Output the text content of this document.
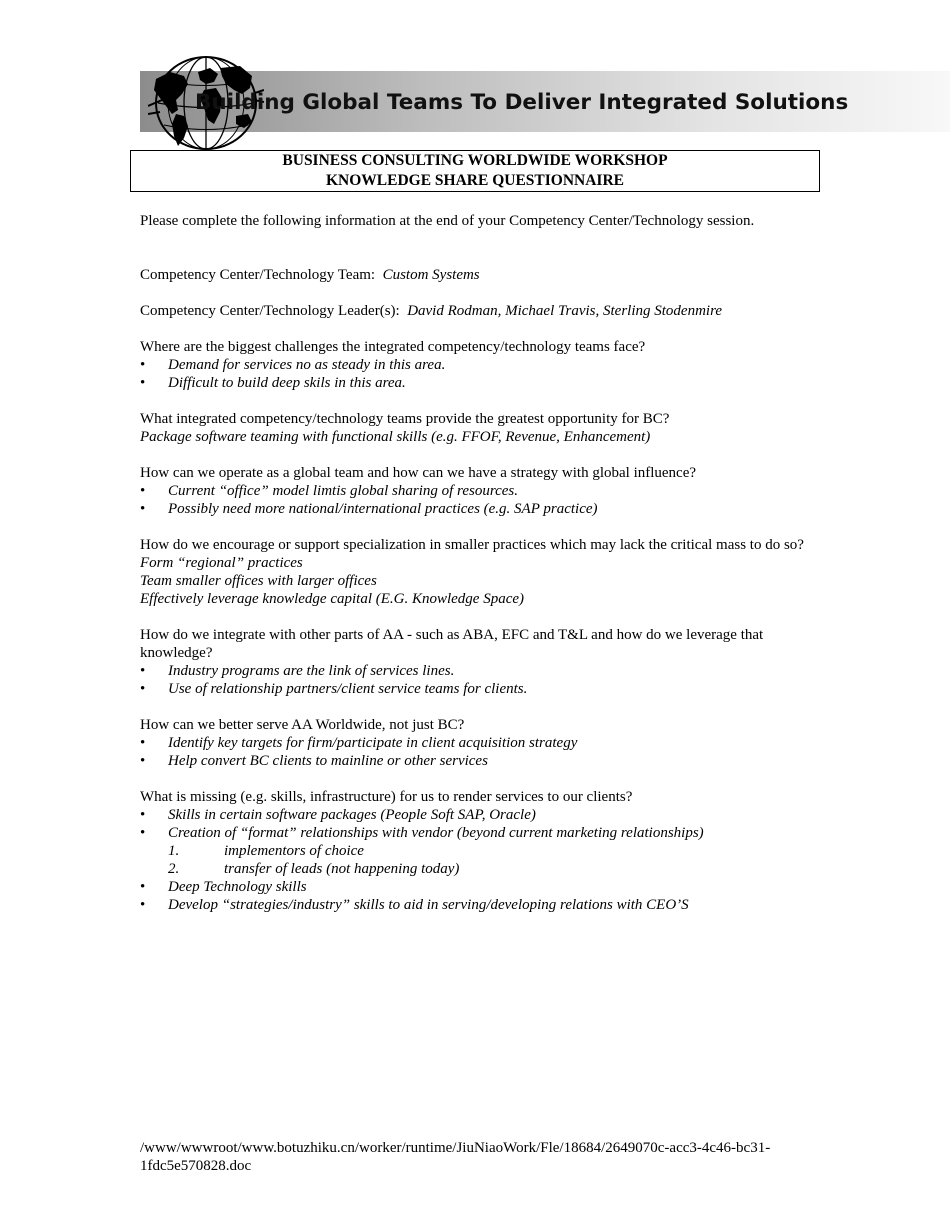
Building Global Teams To Deliver Integrated Solutions
BUSINESS CONSULTING WORLDWIDE WORKSHOP
KNOWLEDGE SHARE QUESTIONNAIRE

Please complete the following information at the end of your Competency Center/Technology session.

Competency Center/Technology Team: Custom Systems

Competency Center/Technology Leader(s): David Rodman, Michael Travis, Sterling Stodenmire

Where are the biggest challenges the integrated competency/technology teams face?

• Demand for services no as steady in this area.
• Difficult to build deep skils in this area.

What integrated competency/technology teams provide the greatest opportunity for BC?

Package software teaming with functional skills (e.g. FFOF, Revenue, Enhancement)

How can we operate as a global team and how can we have a strategy with global influence?

• Current “office” model limtis global sharing of resources.
• Possibly need more national/international practices (e.g. SAP practice)

How do we encourage or support specialization in smaller practices which may lack the critical mass to do so?

Form “regional” practices

Team smaller offices with larger offices

Effectively leverage knowledge capital (E.G. Knowledge Space)

How do we integrate with other parts of AA - such as ABA, EFC and T&L and how do we leverage that knowledge?

• Industry programs are the link of services lines.
• Use of relationship partners/client service teams for clients.

How can we better serve AA Worldwide, not just BC?

• Identify key targets for firm/participate in client acquisition strategy
• Help convert BC clients to mainline or other services

What is missing (e.g. skills, infrastructure) for us to render services to our clients?

• Skills in certain software packages (People Soft SAP, Oracle)
• Creation of “format” relationships with vendor (beyond current marketing relationships)
1.	implementors of choice
2.	transfer of leads (not happening today)
• Deep Technology skills
• Develop “strategies/industry” skills to aid in serving/developing relations with CEO’S
/www/wwwroot/www.botuzhiku.cn/worker/runtime/JiuNiaoWork/Fle/18684/2649070c-acc3-4c46-bc31-1fdc5e570828.doc
